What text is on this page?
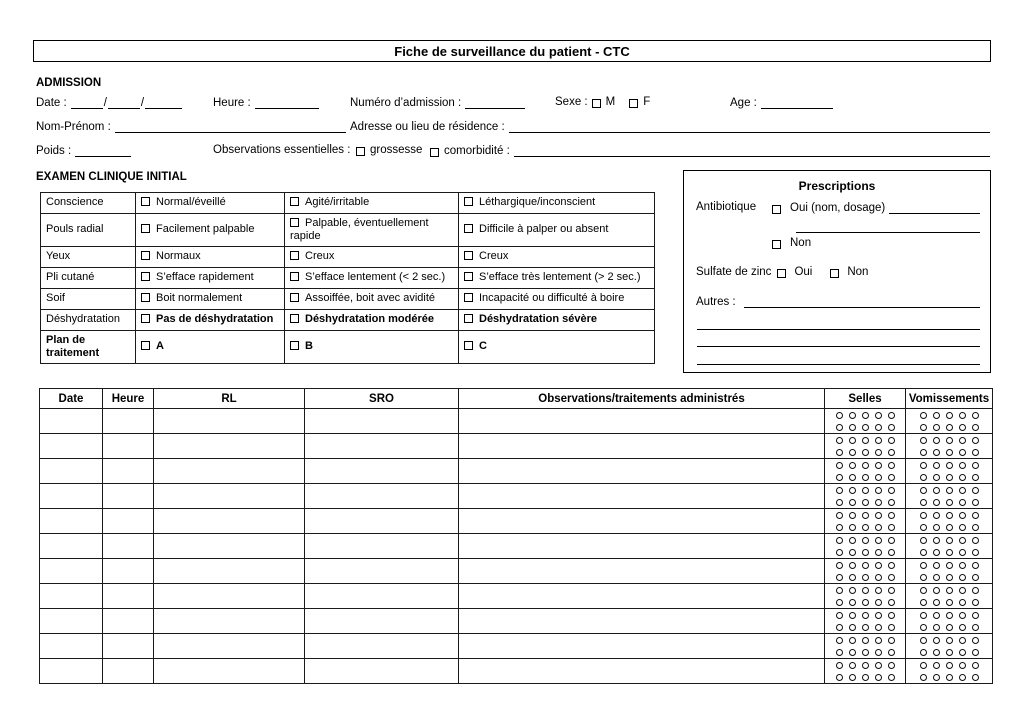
Fiche de surveillance du patient - CTC
ADMISSION
Date :	/	/	Heure :	Numéro d’admission :	Sexe : M F	Age :
Nom-Prénom :	Adresse ou lieu de résidence :
Poids :	Observations essentielles : grossesse comorbidité :
EXAMEN CLINIQUE INITIAL
Conscience	Normal/éveillé	Agité/irritable	Léthargique/inconscient
Pouls radial	Facilement palpable	Palpable, éventuellement rapide	Difficile à palper ou absent
Yeux	Normaux	Creux	Creux
Pli cutané	S’efface rapidement	S’efface lentement (< 2 sec.)	S’efface très lentement (> 2 sec.)
Soif	Boit normalement	Assoiffée, boit avec avidité	Incapacité ou difficulté à boire
Déshydratation	Pas de déshydratation	Déshydratation modérée	Déshydratation sévère
Plan de traitement	A	B	C
Prescriptions
Antibiotique	Oui (nom, dosage)
Non
Sulfate de zinc Oui	Non
Autres :
Date	Heure	RL	SRO	Observations/traitements administrés	Selles	Vomissements
